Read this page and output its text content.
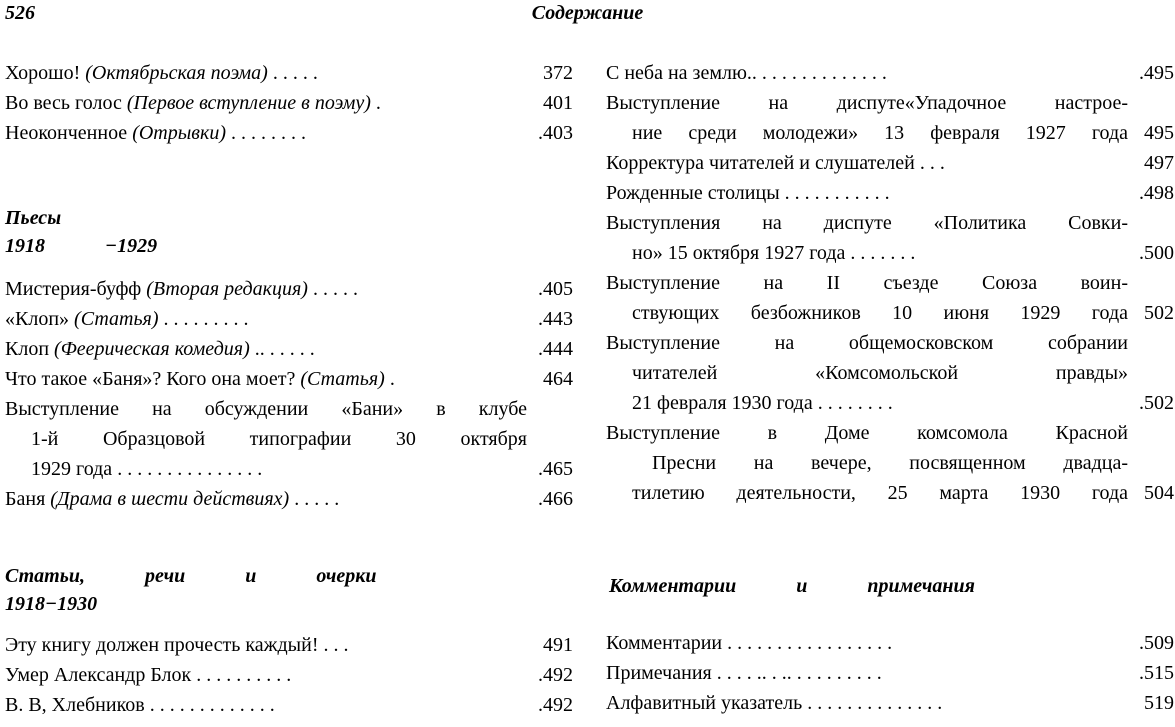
526	Содержание
Хорошо! (Октябрьская поэма) . . . . .	372
Во весь голос (Первое вступление в поэму) .	401
Неоконченное (Отрывки) . . . . . . . .	.403
Пьесы
1918	−1929
Мистерия-буфф (Вторая редакция) . . . . .	.405
«Клоп» (Статья) . . . . . . . . .	.443
Клоп (Феерическая комедия) .. . . . . .	.444
Что такое «Баня»? Кого она моет? (Статья) .	464
Выступление на обсуждении «Бани» в клубе
1-й Образцовой типографии 30 октября
1929 года . . . . . . . . . . . . . . .	.465
Баня (Драма в шести действиях) . . . . .	.466
Статьи,	речи	и	очерки
1918−1930
Эту книгу должен прочесть каждый! . . .	491
Умер Александр Блок . . . . . . . . . .	.492
В. В, Хлебников . . . . . . . . . . . . .	.492
С неба на землю.. . . . . . . . . . . . . .	.495
Выступление на диспуте«Упадочное настрое-
ние среди молодежи» 13 февраля 1927 года 495
Корректура читателей и слушателей . . .	497
Рожденные столицы . . . . . . . . . . .	.498
Выступления на диспуте «Политика Совки-
но» 15 октября 1927 года . . . . . . .	.500
Выступление на II съезде Союза воин-
ствующих безбожников 10 июня 1929 года 502
Выступление на общемосковском собрании
читателей «Комсомольской правды»
21 февраля 1930 года . . . . . . . .	.502
Выступление в Доме комсомола Красной
Пресни на вечере, посвященном двадца-
тилетию деятельности, 25 марта 1930 года 504
Комментарии	и	примечания
Комментарии . . . . . . . . . . . . . . . . .	.509
Примечания . . . . .. . .. . . . . . . . . .	.515
Алфавитный указатель . . . . . . . . . . . . . .	519
